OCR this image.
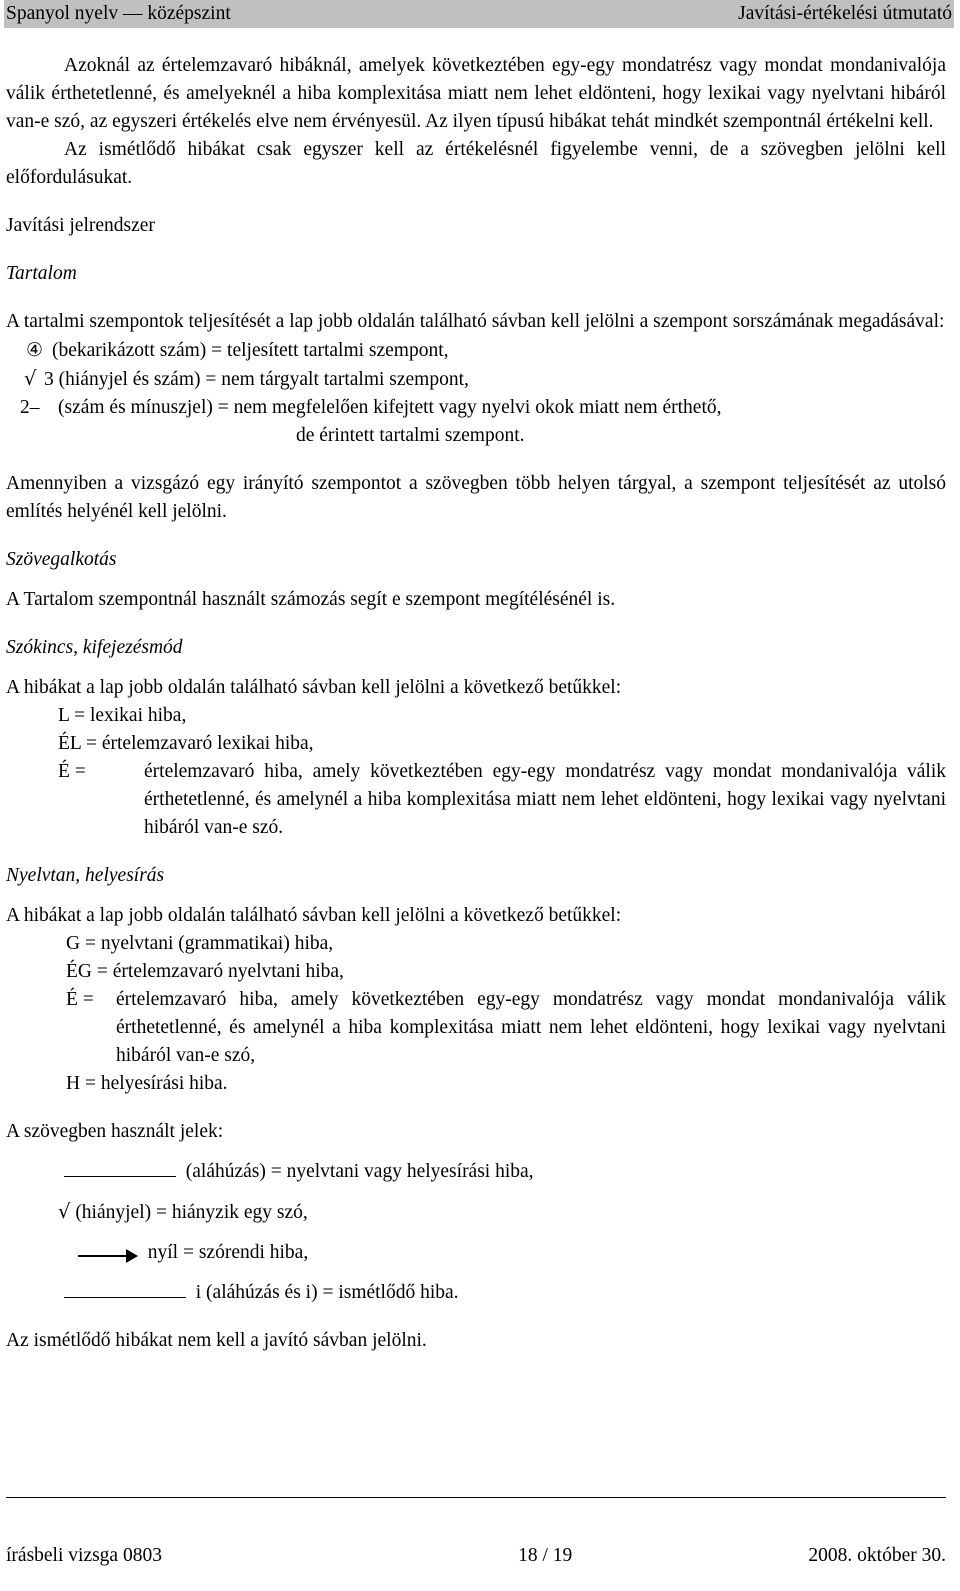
Spanyol nyelv — középszint	Javítási-értékelési útmutató

Azoknál az értelemzavaró hibáknál, amelyek következtében egy-egy mondatrész vagy mondat mondanivalója válik érthetetlenné, és amelyeknél a hiba komplexitása miatt nem lehet eldönteni, hogy lexikai vagy nyelvtani hibáról van-e szó, az egyszeri értékelés elve nem érvényesül. Az ilyen típusú hibákat tehát mindkét szempontnál értékelni kell.

Az ismétlődő hibákat csak egyszer kell az értékelésnél figyelembe venni, de a szövegben jelölni kell előfordulásukat.

Javítási jelrendszer

Tartalom

A tartalmi szempontok teljesítését a lap jobb oldalán található sávban kell jelölni a szempont sorszámának megadásával:

④ (bekarikázott szám) = teljesített tartalmi szempont,

√ 3 (hiányjel és szám) = nem tárgyalt tartalmi szempont,

2– (szám és mínuszjel) = nem megfelelően kifejtett vagy nyelvi okok miatt nem érthető,

de érintett tartalmi szempont.

Amennyiben a vizsgázó egy irányító szempontot a szövegben több helyen tárgyal, a szempont teljesítését az utolsó említés helyénél kell jelölni.

Szövegalkotás

A Tartalom szempontnál használt számozás segít e szempont megítélésénél is.

Szókincs, kifejezésmód

A hibákat a lap jobb oldalán található sávban kell jelölni a következő betűkkel:

L = lexikai hiba,
ÉL = értelemzavaró lexikai hiba,
É =	értelemzavaró hiba, amely következtében egy-egy mondatrész vagy mondat mondanivalója válik érthetetlenné, és amelynél a hiba komplexitása miatt nem lehet eldönteni, hogy lexikai vagy nyelvtani hibáról van-e szó.

Nyelvtan, helyesírás

A hibákat a lap jobb oldalán található sávban kell jelölni a következő betűkkel:

G = nyelvtani (grammatikai) hiba,
ÉG = értelemzavaró nyelvtani hiba,
É = értelemzavaró hiba, amely következtében egy-egy mondatrész vagy mondat mondanivalója válik érthetetlenné, és amelynél a hiba komplexitása miatt nem lehet eldönteni, hogy lexikai vagy nyelvtani hibáról van-e szó,
H = helyesírási hiba.

A szövegben használt jelek:

(aláhúzás) = nyelvtani vagy helyesírási hiba,

√ (hiányjel) = hiányzik egy szó,

nyíl = szórendi hiba,

i (aláhúzás és i) = ismétlődő hiba.

Az ismétlődő hibákat nem kell a javító sávban jelölni.

írásbeli vizsga 0803	18 / 19	2008. október 30.
